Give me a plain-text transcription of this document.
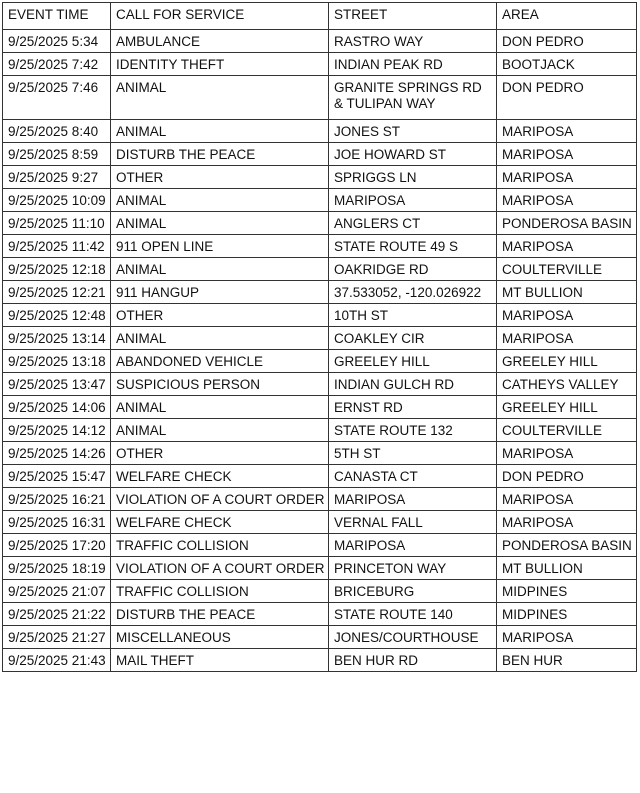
EVENT TIME	CALL FOR SERVICE	STREET	AREA
9/25/2025 5:34	AMBULANCE	RASTRO WAY	DON PEDRO
9/25/2025 7:42	IDENTITY THEFT	INDIAN PEAK RD	BOOTJACK
9/25/2025 7:46	ANIMAL	GRANITE SPRINGS RD & TULIPAN WAY	DON PEDRO
9/25/2025 8:40	ANIMAL	JONES ST	MARIPOSA
9/25/2025 8:59	DISTURB THE PEACE	JOE HOWARD ST	MARIPOSA
9/25/2025 9:27	OTHER	SPRIGGS LN	MARIPOSA
9/25/2025 10:09	ANIMAL	MARIPOSA	MARIPOSA
9/25/2025 11:10	ANIMAL	ANGLERS CT	PONDEROSA BASIN
9/25/2025 11:42	911 OPEN LINE	STATE ROUTE 49 S	MARIPOSA
9/25/2025 12:18	ANIMAL	OAKRIDGE RD	COULTERVILLE
9/25/2025 12:21	911 HANGUP	37.533052, -120.026922	MT BULLION
9/25/2025 12:48	OTHER	10TH ST	MARIPOSA
9/25/2025 13:14	ANIMAL	COAKLEY CIR	MARIPOSA
9/25/2025 13:18	ABANDONED VEHICLE	GREELEY HILL	GREELEY HILL
9/25/2025 13:47	SUSPICIOUS PERSON	INDIAN GULCH RD	CATHEYS VALLEY
9/25/2025 14:06	ANIMAL	ERNST RD	GREELEY HILL
9/25/2025 14:12	ANIMAL	STATE ROUTE 132	COULTERVILLE
9/25/2025 14:26	OTHER	5TH ST	MARIPOSA
9/25/2025 15:47	WELFARE CHECK	CANASTA CT	DON PEDRO
9/25/2025 16:21	VIOLATION OF A COURT ORDER	MARIPOSA	MARIPOSA
9/25/2025 16:31	WELFARE CHECK	VERNAL FALL	MARIPOSA
9/25/2025 17:20	TRAFFIC COLLISION	MARIPOSA	PONDEROSA BASIN
9/25/2025 18:19	VIOLATION OF A COURT ORDER	PRINCETON WAY	MT BULLION
9/25/2025 21:07	TRAFFIC COLLISION	BRICEBURG	MIDPINES
9/25/2025 21:22	DISTURB THE PEACE	STATE ROUTE 140	MIDPINES
9/25/2025 21:27	MISCELLANEOUS	JONES/COURTHOUSE	MARIPOSA
9/25/2025 21:43	MAIL THEFT	BEN HUR RD	BEN HUR
